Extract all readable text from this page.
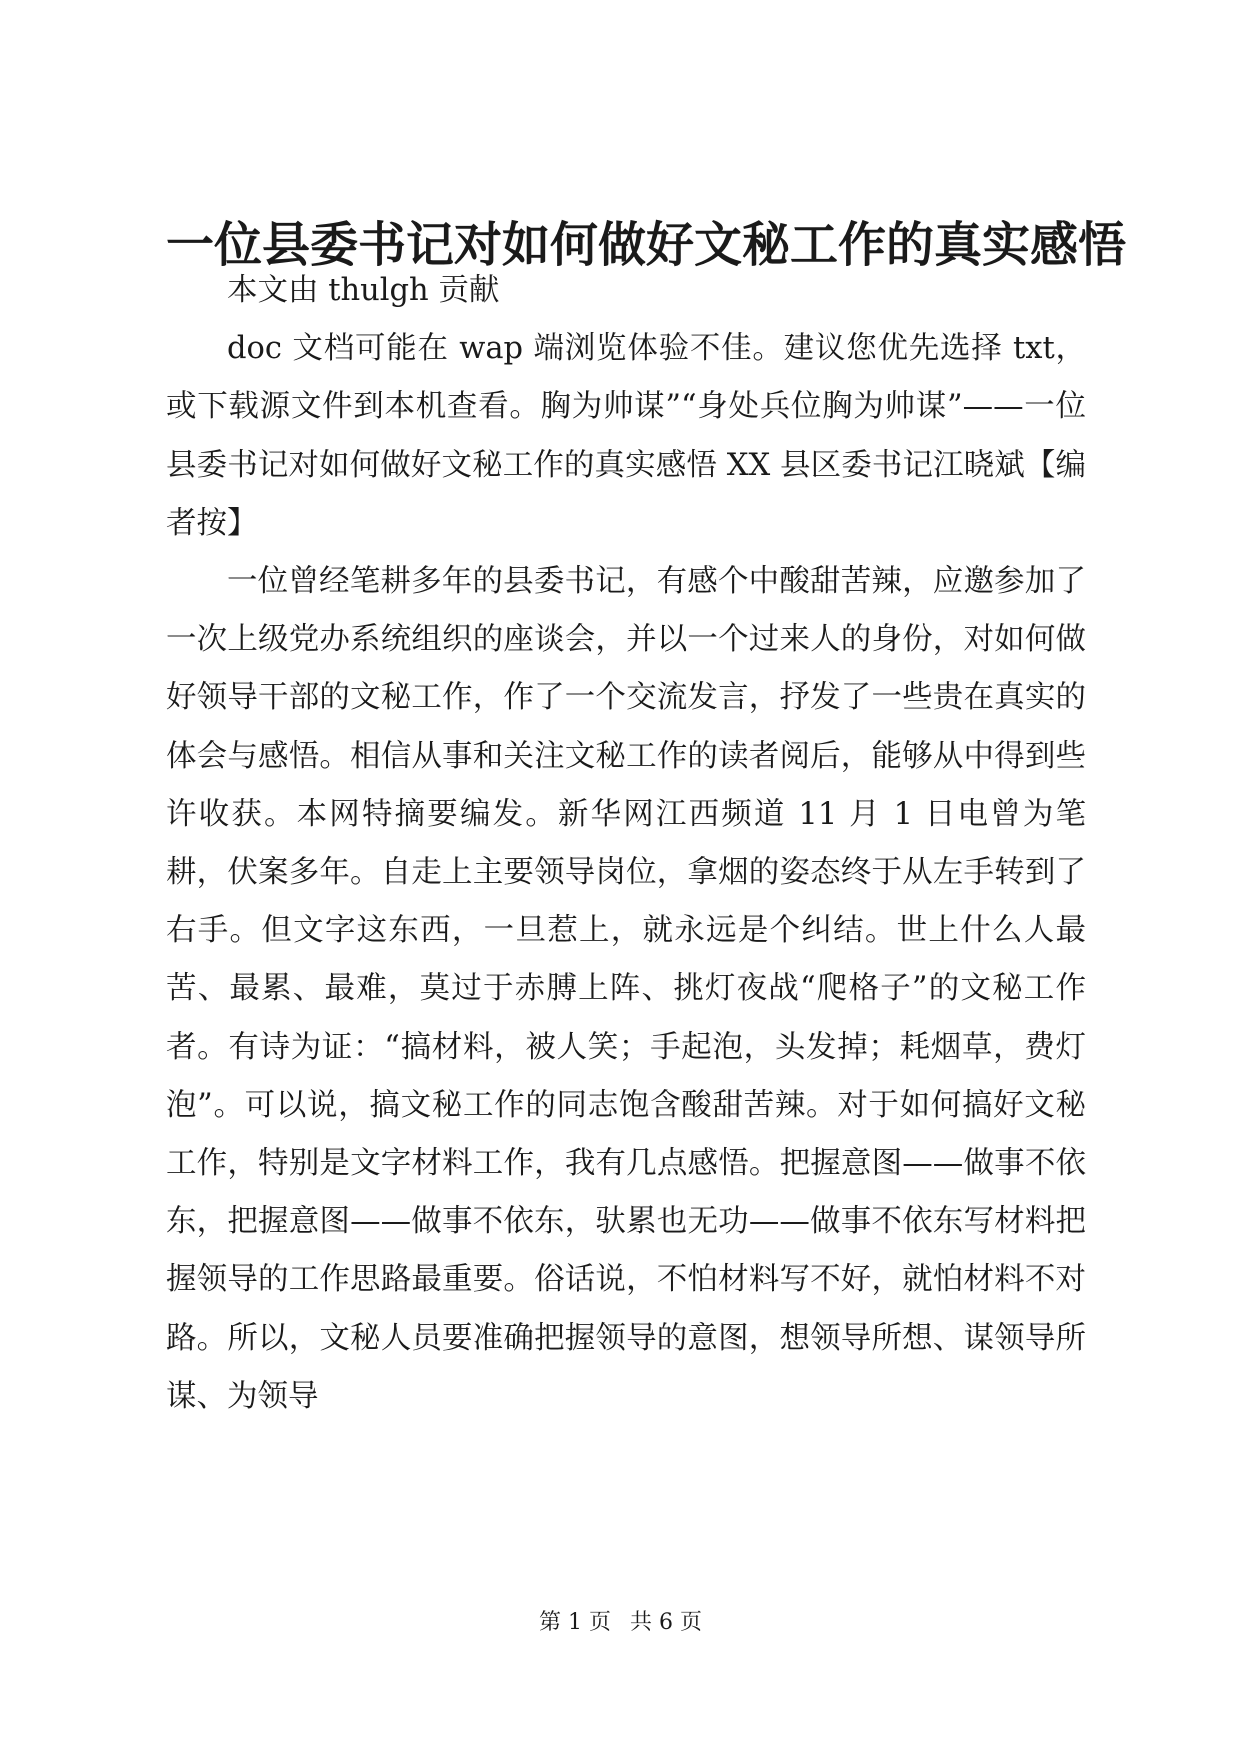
一位县委书记对如何做好文秘工作的真实感悟

本文由 thulgh 贡献

doc 文档可能在 wap 端浏览体验不佳。建议您优先选择 txt，或下载源文件到本机查看。胸为帅谋”“身处兵位胸为帅谋”——一位县委书记对如何做好文秘工作的真实感悟 XX 县区委书记江晓斌【编者按】

一位曾经笔耕多年的县委书记，有感个中酸甜苦辣，应邀参加了一次上级党办系统组织的座谈会，并以一个过来人的身份，对如何做好领导干部的文秘工作，作了一个交流发言，抒发了一些贵在真实的体会与感悟。相信从事和关注文秘工作的读者阅后，能够从中得到些许收获。本网特摘要编发。新华网江西频道 11 月 1 日电曾为笔耕，伏案多年。自走上主要领导岗位，拿烟的姿态终于从左手转到了右手。但文字这东西，一旦惹上，就永远是个纠结。世上什么人最苦、最累、最难，莫过于赤膊上阵、挑灯夜战“爬格子”的文秘工作者。有诗为证：“搞材料，被人笑；手起泡，头发掉；耗烟草，费灯泡”。可以说，搞文秘工作的同志饱含酸甜苦辣。对于如何搞好文秘工作，特别是文字材料工作，我有几点感悟。把握意图——做事不依东，把握意图——做事不依东，驮累也无功——做事不依东写材料把握领导的工作思路最重要。俗话说，不怕材料写不好，就怕材料不对路。所以，文秘人员要准确把握领导的意图，想领导所想、谋领导所谋、为领导

第 1 页 共 6 页
